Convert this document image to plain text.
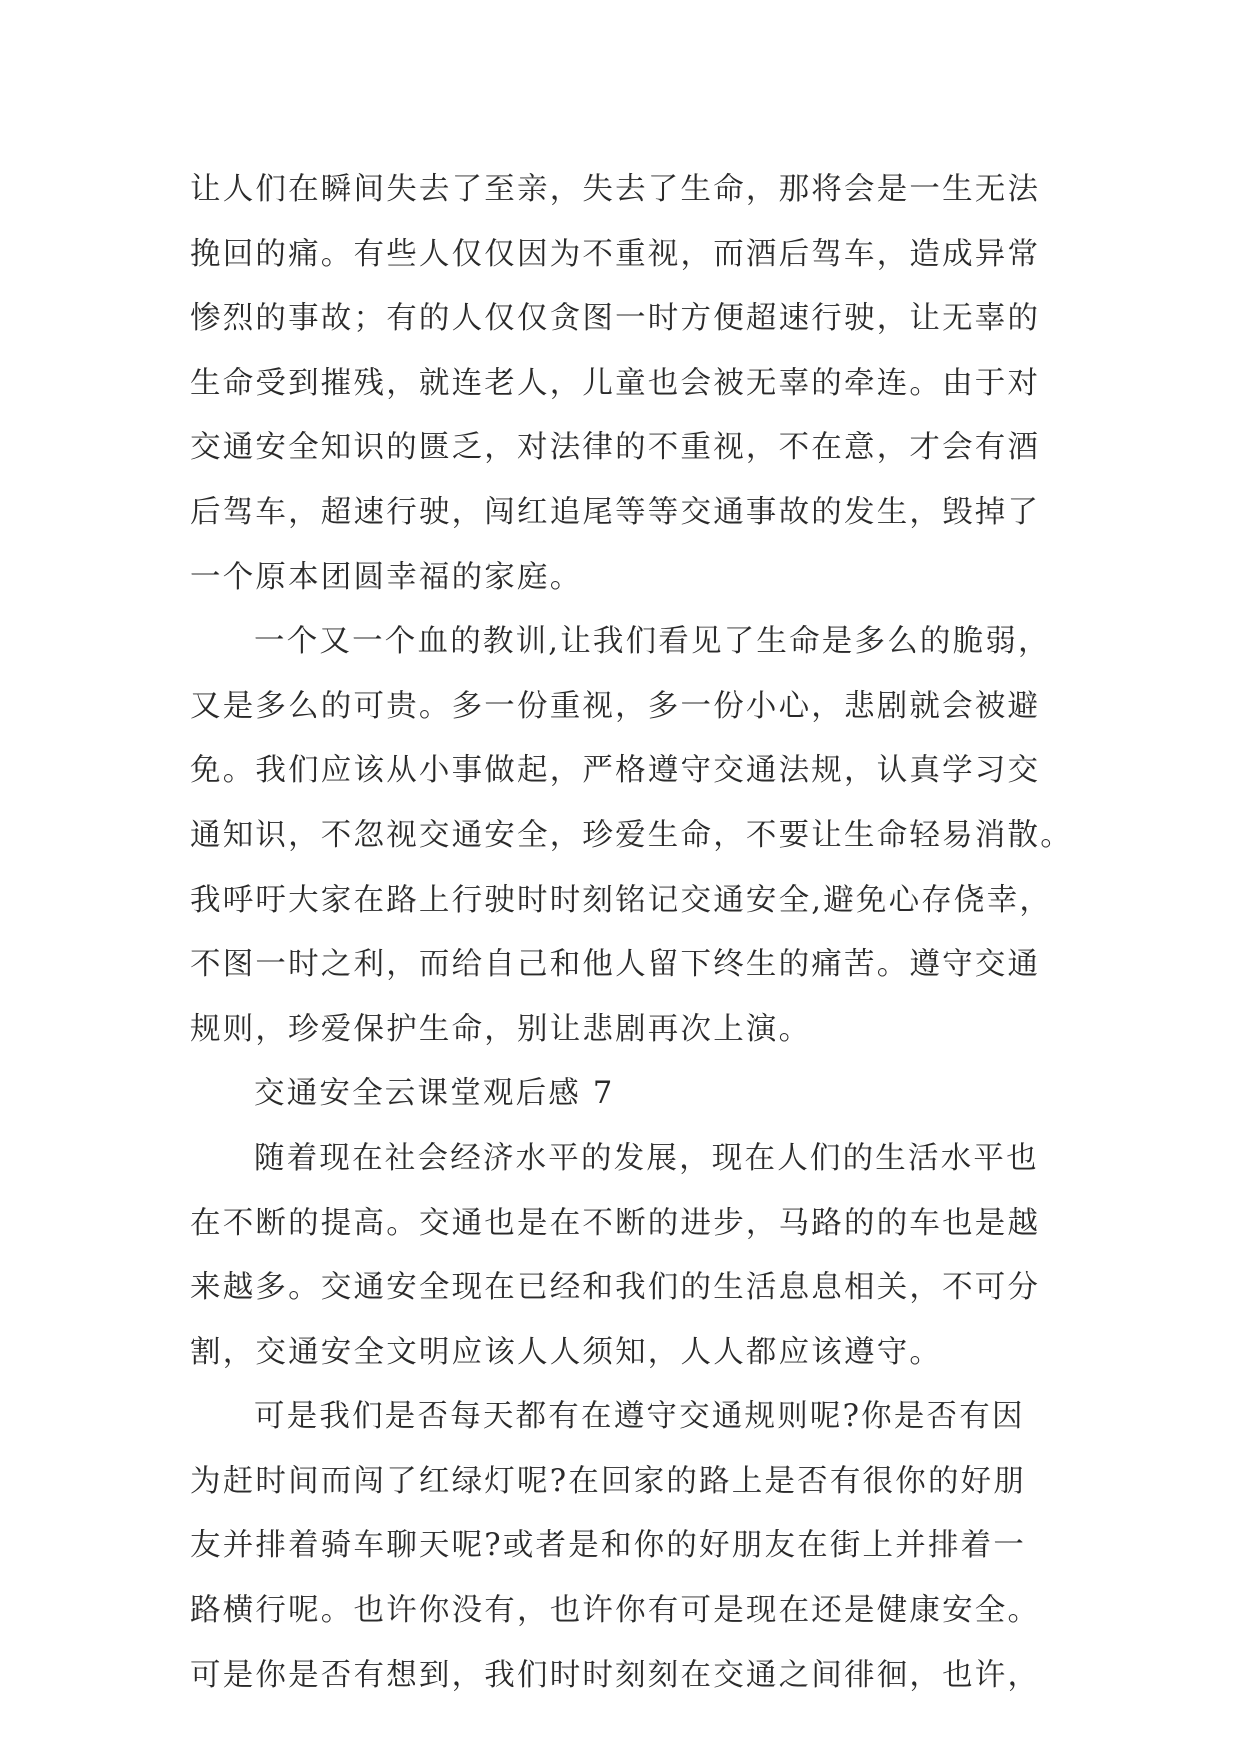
让人们在瞬间失去了至亲，失去了生命，那将会是一生无法
挽回的痛。有些人仅仅因为不重视，而酒后驾车，造成异常
惨烈的事故；有的人仅仅贪图一时方便超速行驶，让无辜的
生命受到摧残，就连老人，儿童也会被无辜的牵连。由于对
交通安全知识的匮乏，对法律的不重视，不在意，才会有酒
后驾车，超速行驶，闯红追尾等等交通事故的发生，毁掉了
一个原本团圆幸福的家庭。
一个又一个血的教训,让我们看见了生命是多么的脆弱，
又是多么的可贵。多一份重视，多一份小心，悲剧就会被避
免。我们应该从小事做起，严格遵守交通法规，认真学习交
通知识，不忽视交通安全，珍爱生命，不要让生命轻易消散。
我呼吁大家在路上行驶时时刻铭记交通安全,避免心存侥幸，
不图一时之利，而给自己和他人留下终生的痛苦。遵守交通
规则，珍爱保护生命，别让悲剧再次上演。
交通安全云课堂观后感 7
随着现在社会经济水平的发展，现在人们的生活水平也
在不断的提高。交通也是在不断的进步，马路的的车也是越
来越多。交通安全现在已经和我们的生活息息相关，不可分
割，交通安全文明应该人人须知，人人都应该遵守。
可是我们是否每天都有在遵守交通规则呢?你是否有因
为赶时间而闯了红绿灯呢?在回家的路上是否有很你的好朋
友并排着骑车聊天呢?或者是和你的好朋友在街上并排着一
路横行呢。也许你没有，也许你有可是现在还是健康安全。
可是你是否有想到，我们时时刻刻在交通之间徘徊，也许，
